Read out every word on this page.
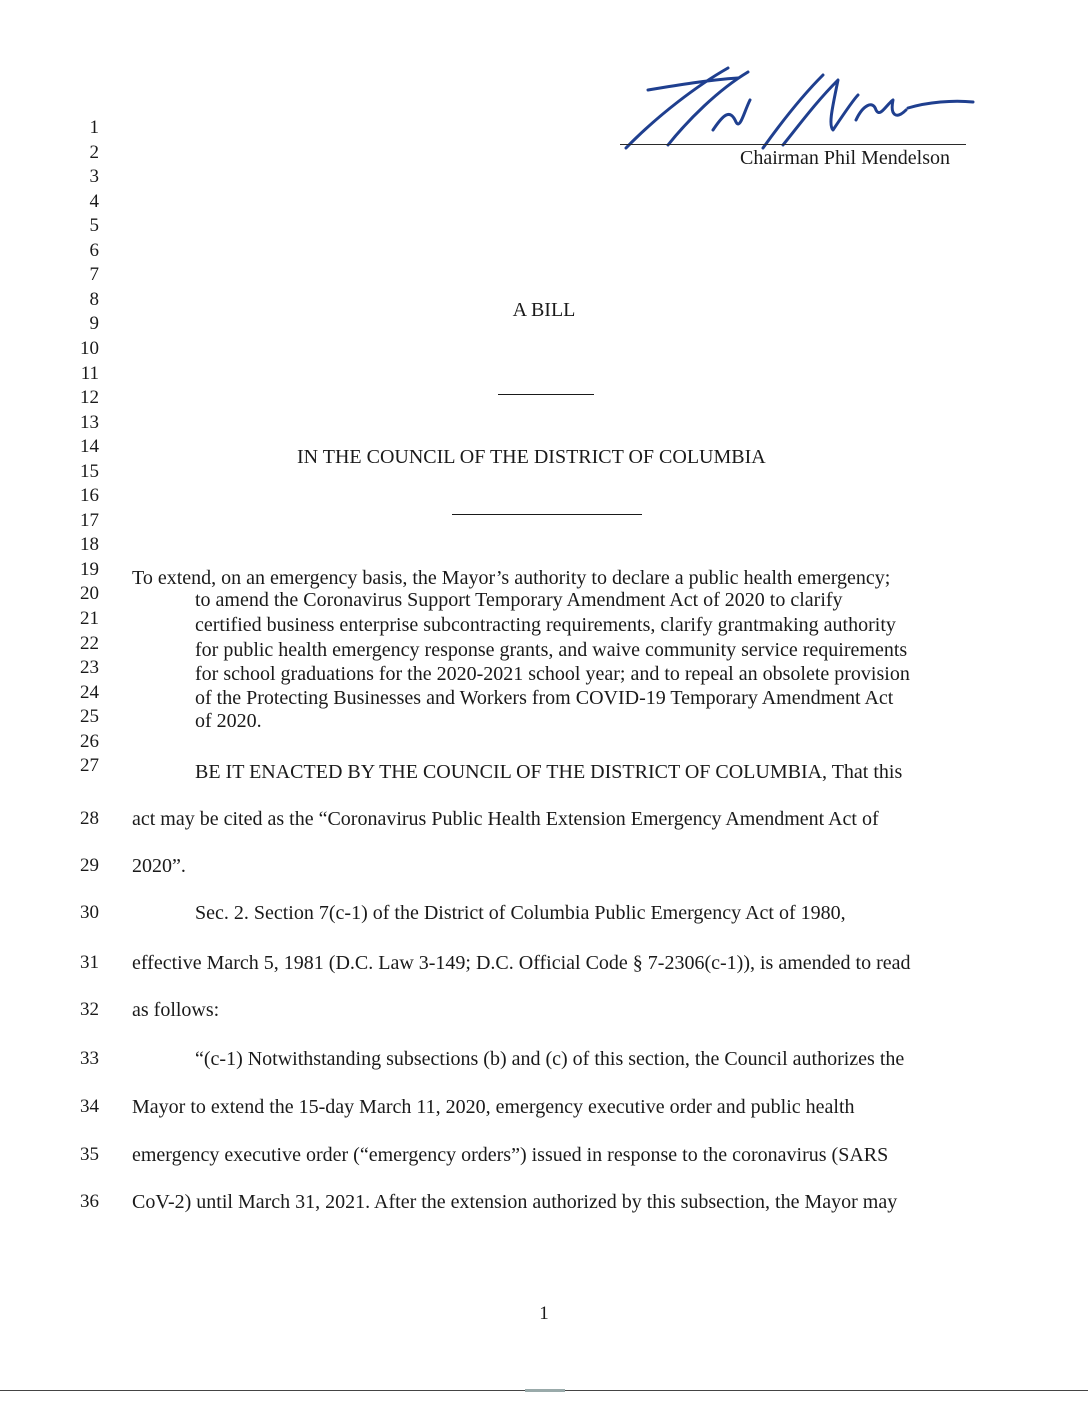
Chairman Phil Mendelson
1
2
3
4
5
6
7
8
9
10
11
12
13
14
15
16
17
18
19
20
21
22
23
24
25
26
27
28
29
30
31
32
33
34
35
36
A BILL
IN THE COUNCIL OF THE DISTRICT OF COLUMBIA
To extend, on an emergency basis, the Mayor’s authority to declare a public health emergency;
to amend the Coronavirus Support Temporary Amendment Act of 2020 to clarify
certified business enterprise subcontracting requirements, clarify grantmaking authority
for public health emergency response grants, and waive community service requirements
for school graduations for the 2020-2021 school year; and to repeal an obsolete provision
of the Protecting Businesses and Workers from COVID-19 Temporary Amendment Act
of 2020.
BE IT ENACTED BY THE COUNCIL OF THE DISTRICT OF COLUMBIA, That this
act may be cited as the “Coronavirus Public Health Extension Emergency Amendment Act of
2020”.
Sec. 2. Section 7(c-1) of the District of Columbia Public Emergency Act of 1980,
effective March 5, 1981 (D.C. Law 3-149; D.C. Official Code § 7-2306(c-1)), is amended to read
as follows:
“(c-1) Notwithstanding subsections (b) and (c) of this section, the Council authorizes the
Mayor to extend the 15-day March 11, 2020, emergency executive order and public health
emergency executive order (“emergency orders”) issued in response to the coronavirus (SARS
CoV-2) until March 31, 2021. After the extension authorized by this subsection, the Mayor may
1
